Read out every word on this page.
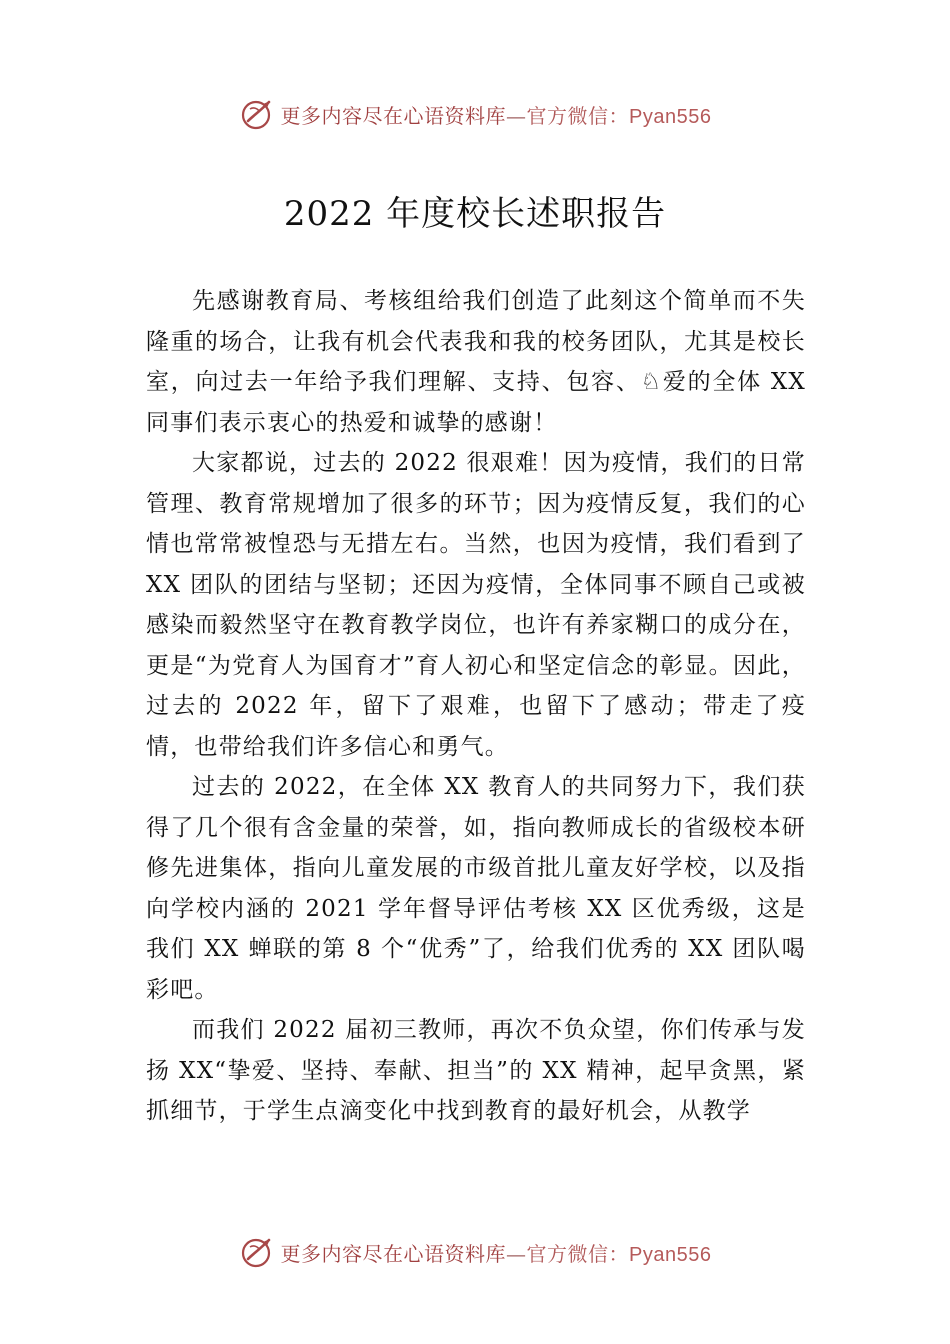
更多内容尽在心语资料库—官方微信：Pyan556
2022 年度校长述职报告

先感谢教育局、考核组给我们创造了此刻这个简单而不失隆重的场合，让我有机会代表我和我的校务团队，尤其是校长室，向过去一年给予我们理解、支持、包容、♘爱的全体 XX 同事们表示衷心的热爱和诚挚的感谢！

大家都说，过去的 2022 很艰难！因为疫情，我们的日常管理、教育常规增加了很多的环节；因为疫情反复，我们的心情也常常被惶恐与无措左右。当然，也因为疫情，我们看到了 XX 团队的团结与坚韧；还因为疫情，全体同事不顾自己或被感染而毅然坚守在教育教学岗位，也许有养家糊口的成分在，更是“为党育人为国育才”育人初心和坚定信念的彰显。因此，过去的 2022 年，留下了艰难，也留下了感动；带走了疫情，也带给我们许多信心和勇气。

过去的 2022，在全体 XX 教育人的共同努力下，我们获得了几个很有含金量的荣誉，如，指向教师成长的省级校本研修先进集体，指向儿童发展的市级首批儿童友好学校，以及指向学校内涵的 2021 学年督导评估考核 XX 区优秀级，这是我们 XX 蝉联的第 8 个“优秀”了，给我们优秀的 XX 团队喝彩吧。

而我们 2022 届初三教师，再次不负众望，你们传承与发扬 XX“挚爱、坚持、奉献、担当”的 XX 精神，起早贪黑，紧抓细节，于学生点滴变化中找到教育的最好机会，从教学

更多内容尽在心语资料库—官方微信：Pyan556
